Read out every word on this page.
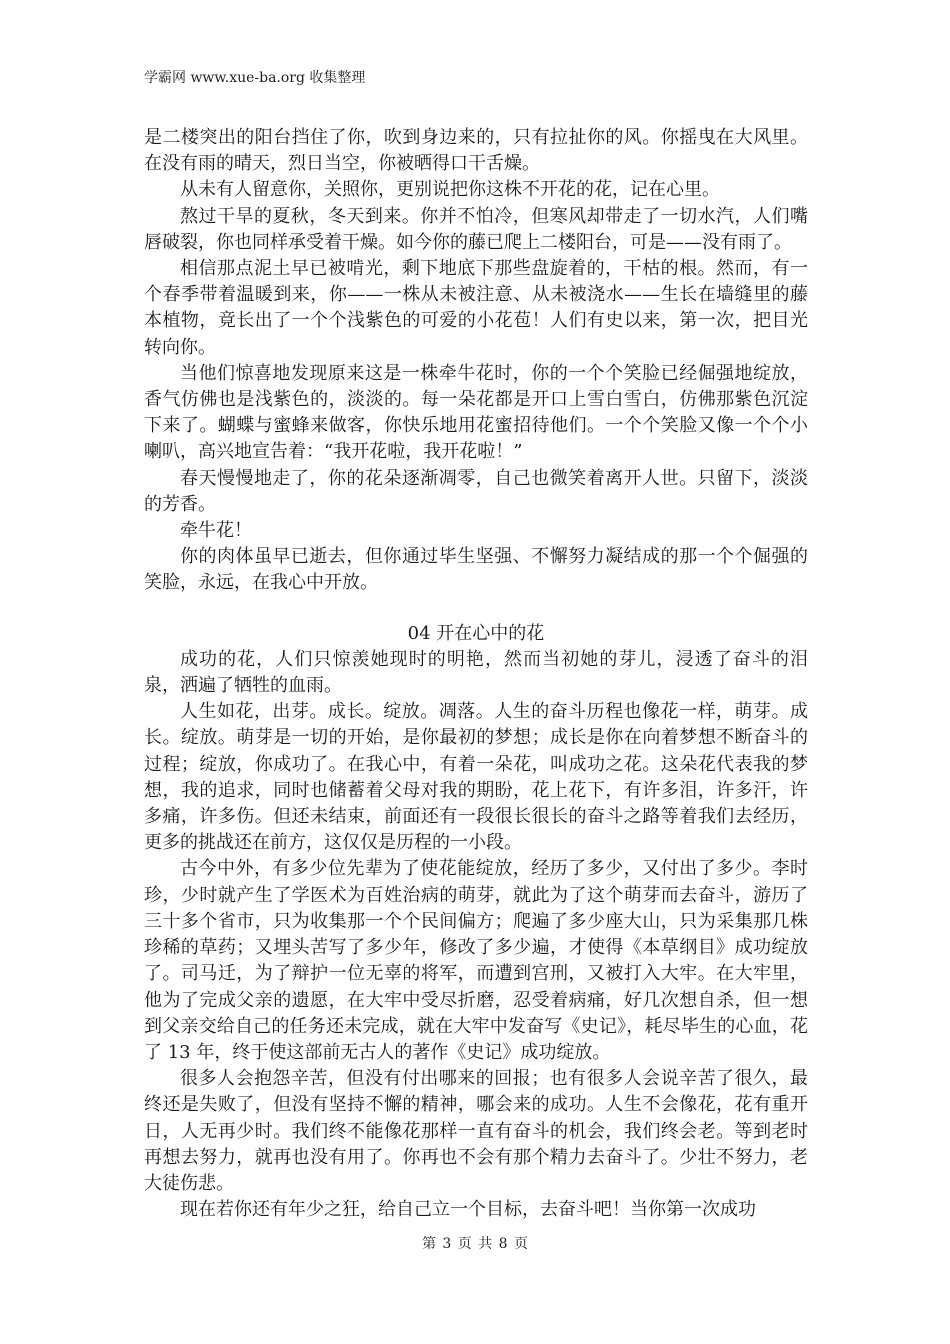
学霸网 www.xue-ba.org 收集整理

是二楼突出的阳台挡住了你，吹到身边来的，只有拉扯你的风。你摇曳在大风里。在没有雨的晴天，烈日当空，你被晒得口干舌燥。

从未有人留意你，关照你，更别说把你这株不开花的花，记在心里。

熬过干旱的夏秋，冬天到来。你并不怕冷，但寒风却带走了一切水汽，人们嘴唇破裂，你也同样承受着干燥。如今你的藤已爬上二楼阳台，可是——没有雨了。

相信那点泥土早已被啃光，剩下地底下那些盘旋着的，干枯的根。然而，有一个春季带着温暖到来，你——一株从未被注意、从未被浇水——生长在墙缝里的藤本植物，竟长出了一个个浅紫色的可爱的小花苞！人们有史以来，第一次，把目光转向你。

当他们惊喜地发现原来这是一株牵牛花时，你的一个个笑脸已经倔强地绽放，香气仿佛也是浅紫色的，淡淡的。每一朵花都是开口上雪白雪白，仿佛那紫色沉淀下来了。蝴蝶与蜜蜂来做客，你快乐地用花蜜招待他们。一个个笑脸又像一个个小喇叭，高兴地宣告着：“我开花啦，我开花啦！”

春天慢慢地走了，你的花朵逐渐凋零，自己也微笑着离开人世。只留下，淡淡的芳香。

牵牛花！

你的肉体虽早已逝去，但你通过毕生坚强、不懈努力凝结成的那一个个倔强的笑脸，永远，在我心中开放。

04 开在心中的花

成功的花，人们只惊羡她现时的明艳，然而当初她的芽儿，浸透了奋斗的泪泉，洒遍了牺牲的血雨。

人生如花，出芽。成长。绽放。凋落。人生的奋斗历程也像花一样，萌芽。成长。绽放。萌芽是一切的开始，是你最初的梦想；成长是你在向着梦想不断奋斗的过程；绽放，你成功了。在我心中，有着一朵花，叫成功之花。这朵花代表我的梦想，我的追求，同时也储蓄着父母对我的期盼，花上花下，有许多泪，许多汗，许多痛，许多伤。但还未结束，前面还有一段很长很长的奋斗之路等着我们去经历，更多的挑战还在前方，这仅仅是历程的一小段。

古今中外，有多少位先辈为了使花能绽放，经历了多少，又付出了多少。李时珍，少时就产生了学医术为百姓治病的萌芽，就此为了这个萌芽而去奋斗，游历了三十多个省市，只为收集那一个个民间偏方；爬遍了多少座大山，只为采集那几株珍稀的草药；又埋头苦写了多少年，修改了多少遍，才使得《本草纲目》成功绽放了。司马迁，为了辩护一位无辜的将军，而遭到宫刑，又被打入大牢。在大牢里，他为了完成父亲的遗愿，在大牢中受尽折磨，忍受着病痛，好几次想自杀，但一想到父亲交给自己的任务还未完成，就在大牢中发奋写《史记》，耗尽毕生的心血，花了 13 年，终于使这部前无古人的著作《史记》成功绽放。

很多人会抱怨辛苦，但没有付出哪来的回报；也有很多人会说辛苦了很久，最终还是失败了，但没有坚持不懈的精神，哪会来的成功。人生不会像花，花有重开日，人无再少时。我们终不能像花那样一直有奋斗的机会，我们终会老。等到老时再想去努力，就再也没有用了。你再也不会有那个精力去奋斗了。少壮不努力，老大徒伤悲。

现在若你还有年少之狂，给自己立一个目标，去奋斗吧！当你第一次成功

第 3 页 共 8 页
